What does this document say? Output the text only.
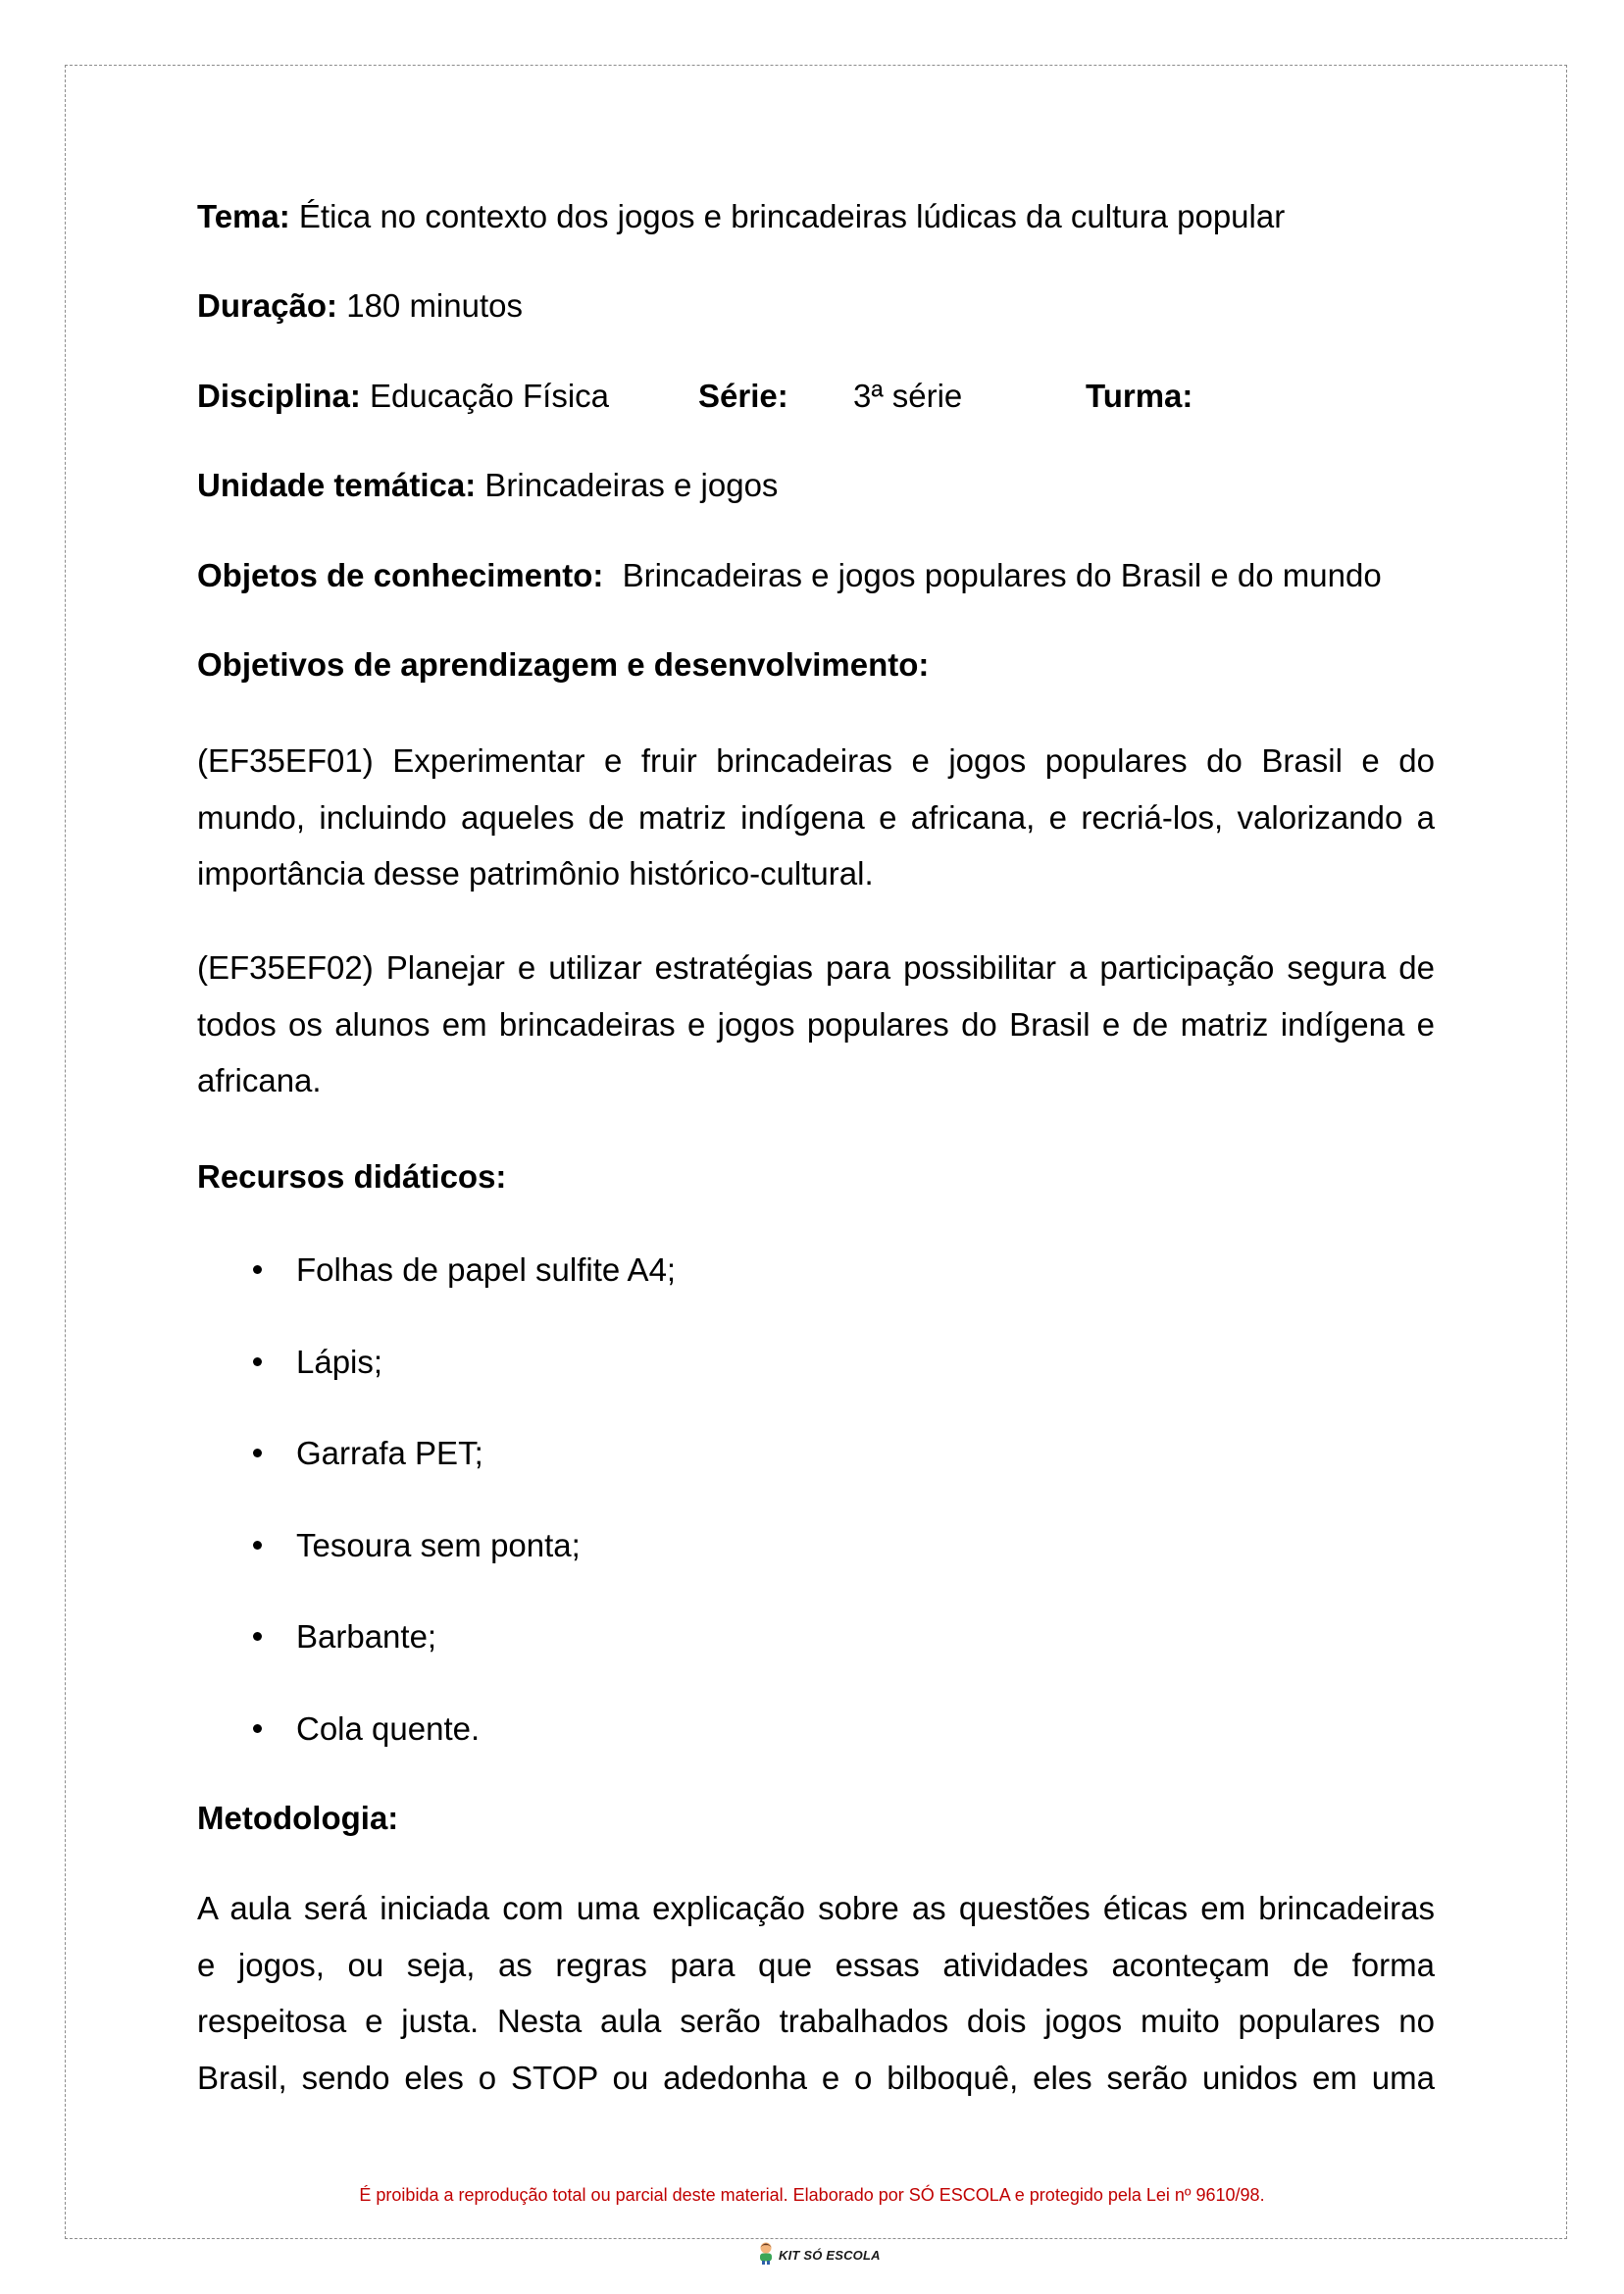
Tema: Ética no contexto dos jogos e brincadeiras lúdicas da cultura popular
Duração: 180 minutos
Disciplina: Educação Física	Série: 3ª série	Turma:
Unidade temática: Brincadeiras e jogos
Objetos de conhecimento: Brincadeiras e jogos populares do Brasil e do mundo
Objetivos de aprendizagem e desenvolvimento:
(EF35EF01) Experimentar e fruir brincadeiras e jogos populares do Brasil e do
mundo, incluindo aqueles de matriz indígena e africana, e recriá-los, valorizando a
importância desse patrimônio histórico-cultural.
(EF35EF02) Planejar e utilizar estratégias para possibilitar a participação segura de
todos os alunos em brincadeiras e jogos populares do Brasil e de matriz indígena e
africana.
Recursos didáticos:
Folhas de papel sulfite A4;
Lápis;
Garrafa PET;
Tesoura sem ponta;
Barbante;
Cola quente.
Metodologia:
A aula será iniciada com uma explicação sobre as questões éticas em brincadeiras
e jogos, ou seja, as regras para que essas atividades aconteçam de forma
respeitosa e justa. Nesta aula serão trabalhados dois jogos muito populares no
Brasil, sendo eles o STOP ou adedonha e o bilboquê, eles serão unidos em uma
É proibida a reprodução total ou parcial deste material. Elaborado por SÓ ESCOLA e protegido pela Lei nº 9610/98.
KIT SÓ ESCOLA
